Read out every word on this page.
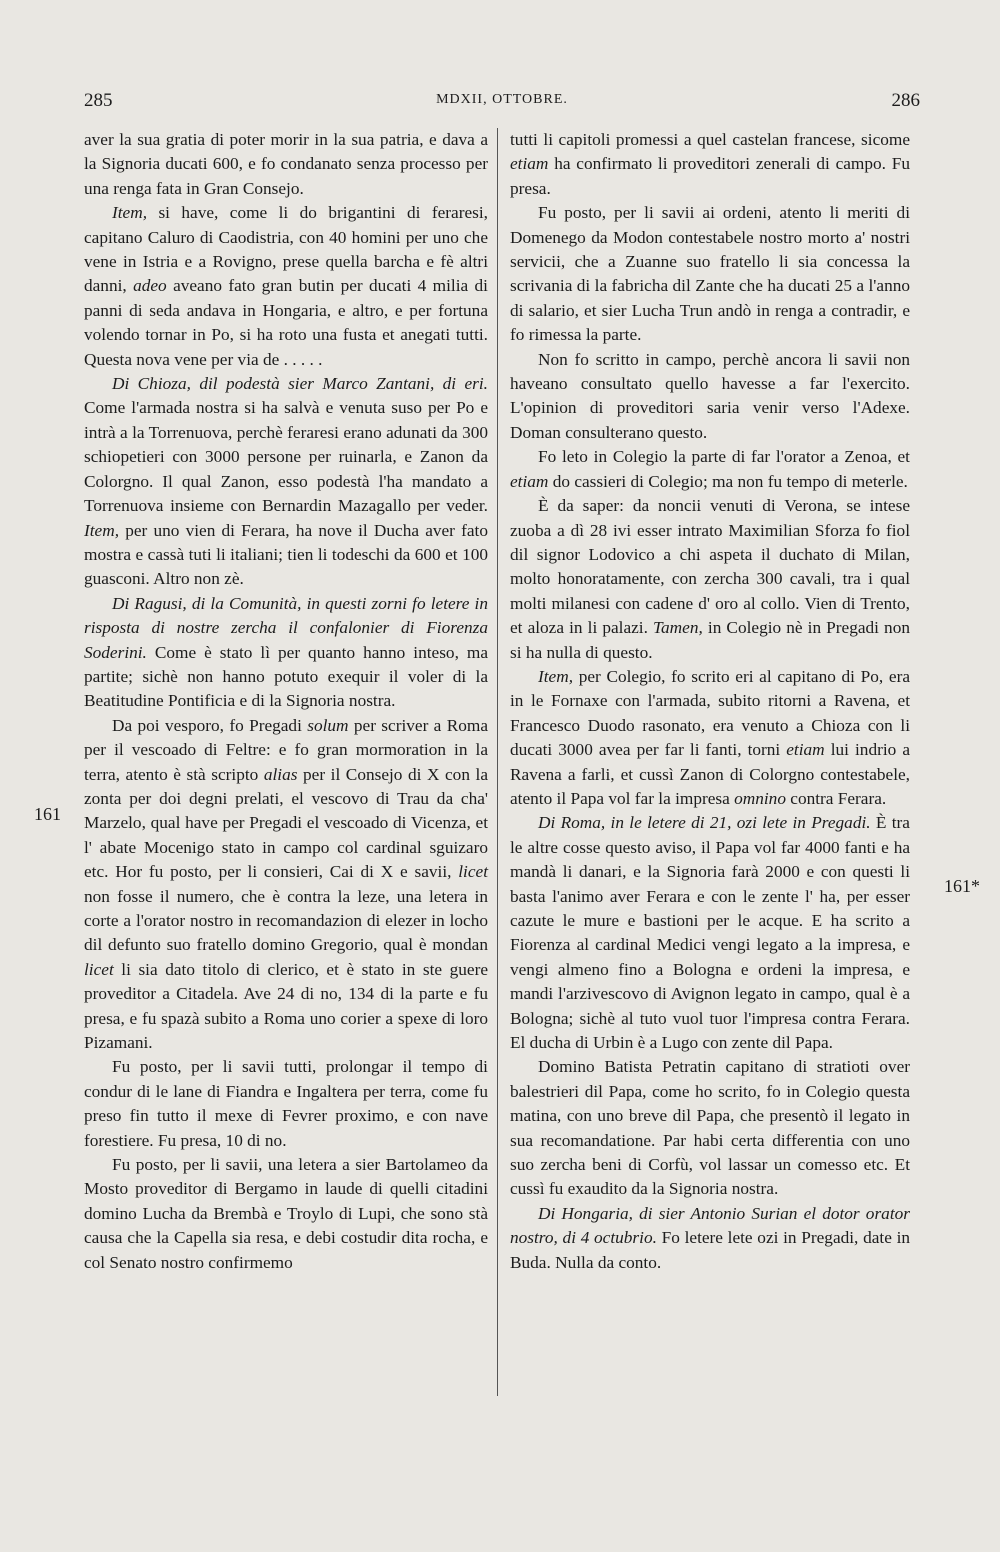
285	MDXII, OTTOBRE.	286
161
161*

aver la sua gratia di poter morir in la sua patria, e dava a la Signoria ducati 600, e fo condanato senza processo per una renga fata in Gran Consejo.

Item, si have, come li do brigantini di feraresi, capitano Caluro di Caodistria, con 40 homini per uno che vene in Istria e a Rovigno, prese quella barcha e fè altri danni, adeo aveano fato gran butin per ducati 4 milia di panni di seda andava in Hongaria, e altro, e per fortuna volendo tornar in Po, si ha roto una fusta et anegati tutti. Questa nova vene per via de . . . . .

Di Chioza, dil podestà sier Marco Zantani, di eri. Come l'armada nostra si ha salvà e venuta suso per Po e intrà a la Torrenuova, perchè feraresi erano adunati da 300 schiopetieri con 3000 persone per ruinarla, e Zanon da Colorgno. Il qual Zanon, esso podestà l'ha mandato a Torrenuova insieme con Bernardin Mazagallo per veder. Item, per uno vien di Ferara, ha nove il Ducha aver fato mostra e cassà tuti li italiani; tien li todeschi da 600 et 100 guasconi. Altro non zè.

Di Ragusi, di la Comunità, in questi zorni fo letere in risposta di nostre zercha il confalonier di Fiorenza Soderini. Come è stato lì per quanto hanno inteso, ma partite; sichè non hanno potuto exequir il voler di la Beatitudine Pontificia e di la Signoria nostra.

Da poi vesporo, fo Pregadi solum per scriver a Roma per il vescoado di Feltre: e fo gran mormoration in la terra, atento è stà scripto alias per il Consejo di X con la zonta per doi degni prelati, el vescovo di Trau da cha' Marzelo, qual have per Pregadi el vescoado di Vicenza, et l' abate Mocenigo stato in campo col cardinal sguizaro etc. Hor fu posto, per li consieri, Cai di X e savii, licet non fosse il numero, che è contra la leze, una letera in corte a l'orator nostro in recomandazion di elezer in locho dil defunto suo fratello domino Gregorio, qual è mondan licet li sia dato titolo di clerico, et è stato in ste guere proveditor a Citadela. Ave 24 di no, 134 di la parte e fu presa, e fu spazà subito a Roma uno corier a spexe di loro Pizamani.

Fu posto, per li savii tutti, prolongar il tempo di condur di le lane di Fiandra e Ingaltera per terra, come fu preso fin tutto il mexe di Fevrer proximo, e con nave forestiere. Fu presa, 10 di no.

Fu posto, per li savii, una letera a sier Bartolameo da Mosto proveditor di Bergamo in laude di quelli citadini domino Lucha da Brembà e Troylo di Lupi, che sono stà causa che la Capella sia resa, e debi costudir dita rocha, e col Senato nostro confirmemo

tutti li capitoli promessi a quel castelan francese, sicome etiam ha confirmato li proveditori zenerali di campo. Fu presa.

Fu posto, per li savii ai ordeni, atento li meriti di Domenego da Modon contestabele nostro morto a' nostri servicii, che a Zuanne suo fratello li sia concessa la scrivania di la fabricha dil Zante che ha ducati 25 a l'anno di salario, et sier Lucha Trun andò in renga a contradir, e fo rimessa la parte.

Non fo scritto in campo, perchè ancora li savii non haveano consultato quello havesse a far l'exercito. L'opinion di proveditori saria venir verso l'Adexe. Doman consulterano questo.

Fo leto in Colegio la parte di far l'orator a Zenoa, et etiam do cassieri di Colegio; ma non fu tempo di meterle.

È da saper: da noncii venuti di Verona, se intese zuoba a dì 28 ivi esser intrato Maximilian Sforza fo fiol dil signor Lodovico a chi aspeta il duchato di Milan, molto honoratamente, con zercha 300 cavali, tra i qual molti milanesi con cadene d' oro al collo. Vien di Trento, et aloza in li palazi. Tamen, in Colegio nè in Pregadi non si ha nulla di questo.

Item, per Colegio, fo scrito eri al capitano di Po, era in le Fornaxe con l'armada, subito ritorni a Ravena, et Francesco Duodo rasonato, era venuto a Chioza con li ducati 3000 avea per far li fanti, torni etiam lui indrio a Ravena a farli, et cussì Zanon di Colorgno contestabele, atento il Papa vol far la impresa omnino contra Ferara.

Di Roma, in le letere di 21, ozi lete in Pregadi. È tra le altre cosse questo aviso, il Papa vol far 4000 fanti e ha mandà li danari, e la Signoria farà 2000 e con questi li basta l'animo aver Ferara e con le zente l' ha, per esser cazute le mure e bastioni per le acque. E ha scrito a Fiorenza al cardinal Medici vengi legato a la impresa, e vengi almeno fino a Bologna e ordeni la impresa, e mandi l'arzivescovo di Avignon legato in campo, qual è a Bologna; sichè al tuto vuol tuor l'impresa contra Ferara. El ducha di Urbin è a Lugo con zente dil Papa.

Domino Batista Petratin capitano di stratioti over balestrieri dil Papa, come ho scrito, fo in Colegio questa matina, con uno breve dil Papa, che presentò il legato in sua recomandatione. Par habi certa differentia con uno suo zercha beni di Corfù, vol lassar un comesso etc. Et cussì fu exaudito da la Signoria nostra.

Di Hongaria, di sier Antonio Surian el dotor orator nostro, di 4 octubrio. Fo letere lete ozi in Pregadi, date in Buda. Nulla da conto.
